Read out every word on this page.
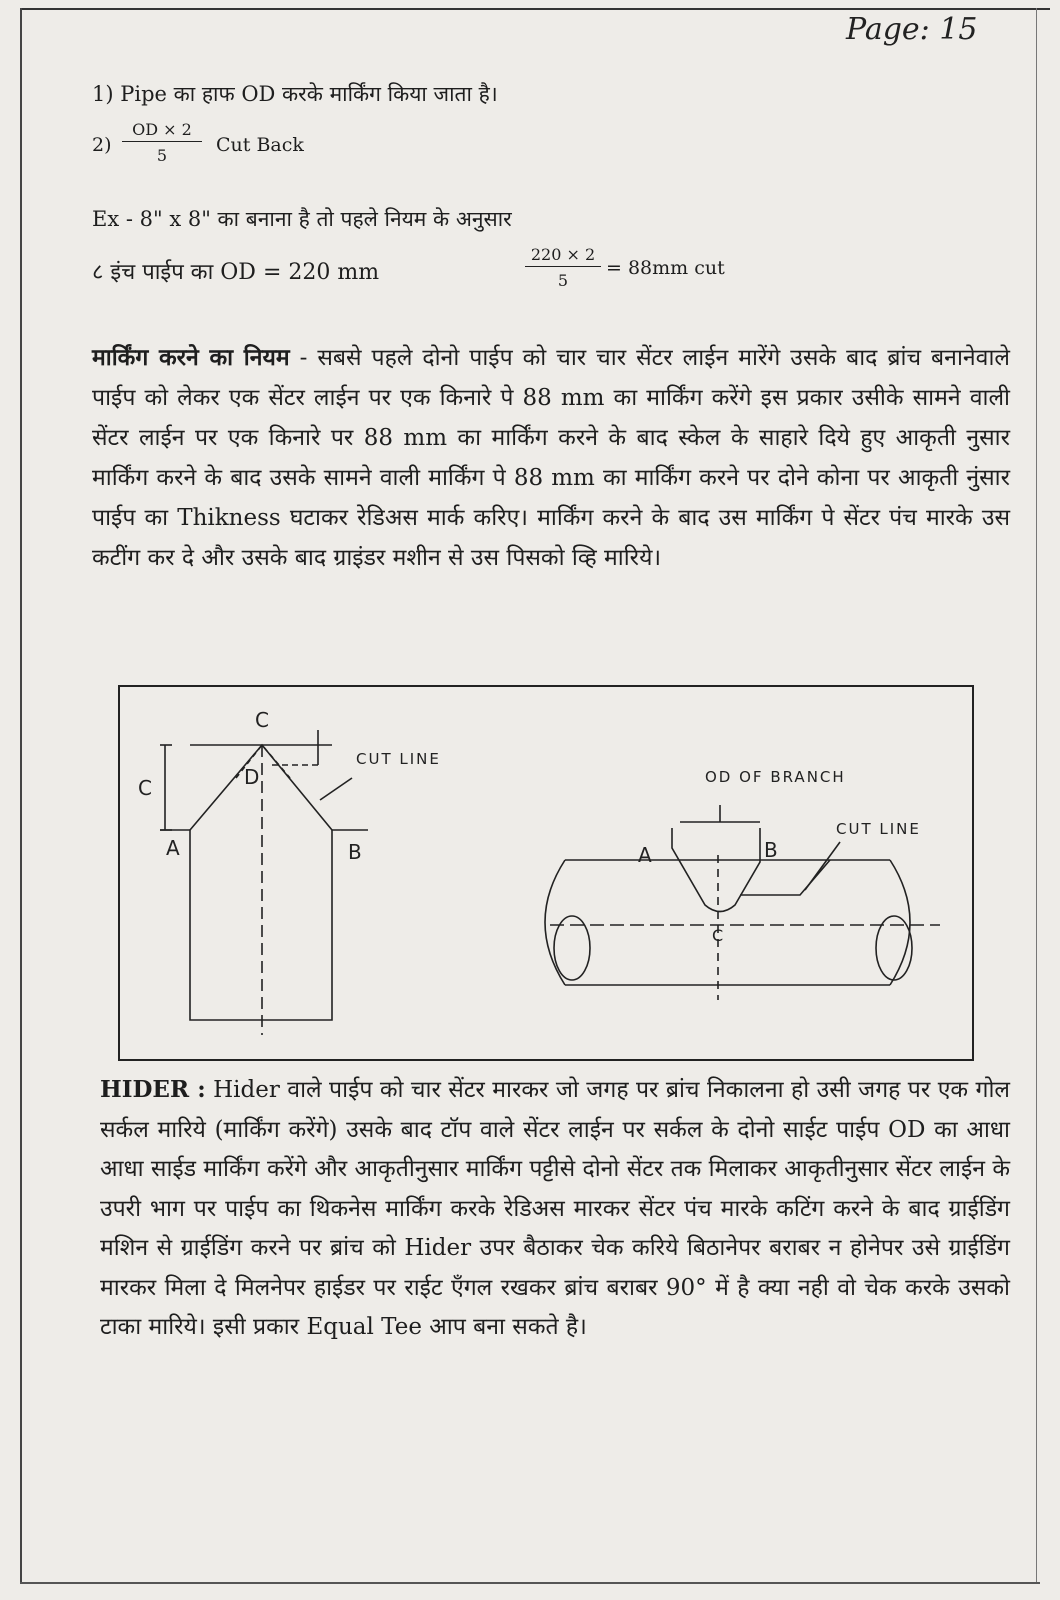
Page: 15
1) Pipe का हाफ OD करके मार्किंग किया जाता है।
$2) \frac{OD \times 2}{5}$ Cut Back
Ex - 8" x 8" का बनाना है तो पहले नियम के अनुसार
८ इंच पाईप का OD = 220 mm	$\frac{220 \times 2}{5} = 88mm$ cut
मार्किंग करने का नियम - सबसे पहले दोनो पाईप को चार चार सेंटर लाईन मारेंगे उसके बाद ब्रांच बनानेवाले पाईप को लेकर एक सेंटर लाईन पर एक किनारे पे 88 mm का मार्किंग करेंगे इस प्रकार उसीके सामने वाली सेंटर लाईन पर एक किनारे पर 88 mm का मार्किंग करने के बाद स्केल के साहारे दिये हुए आकृती नुसार मार्किंग करने के बाद उसके सामने वाली मार्किंग पे 88 mm का मार्किंग करने पर दोने कोना पर आकृती नुंसार पाईप का Thikness घटाकर रेडिअस मार्क करिए। मार्किंग करने के बाद उस मार्किंग पे सेंटर पंच मारके उस कटींग कर दे और उसके बाद ग्राइंडर मशीन से उस पिसको व्हि मारिये।
C
D
A	B
C
CUT LINE
OD OF BRANCH
CUT LINE
A	B
C
HIDER : Hider वाले पाईप को चार सेंटर मारकर जो जगह पर ब्रांच निकालना हो उसी जगह पर एक गोल सर्कल मारिये (मार्किंग करेंगे) उसके बाद टॉप वाले सेंटर लाईन पर सर्कल के दोनो साईट पाईप OD का आधा आधा साईड मार्किंग करेंगे और आकृतीनुसार मार्किंग पट्टीसे दोनो सेंटर तक मिलाकर आकृतीनुसार सेंटर लाईन के उपरी भाग पर पाईप का थिकनेस मार्किंग करके रेडिअस मारकर सेंटर पंच मारके कटिंग करने के बाद ग्राईडिंग मशिन से ग्राईडिंग करने पर ब्रांच को Hider उपर बैठाकर चेक करिये बिठानेपर बराबर न होनेपर उसे ग्राईडिंग मारकर मिला दे मिलनेपर हाईडर पर राईट एँगल रखकर ब्रांच बराबर 90° में है क्या नही वो चेक करके उसको टाका मारिये। इसी प्रकार Equal Tee आप बना सकते है।
